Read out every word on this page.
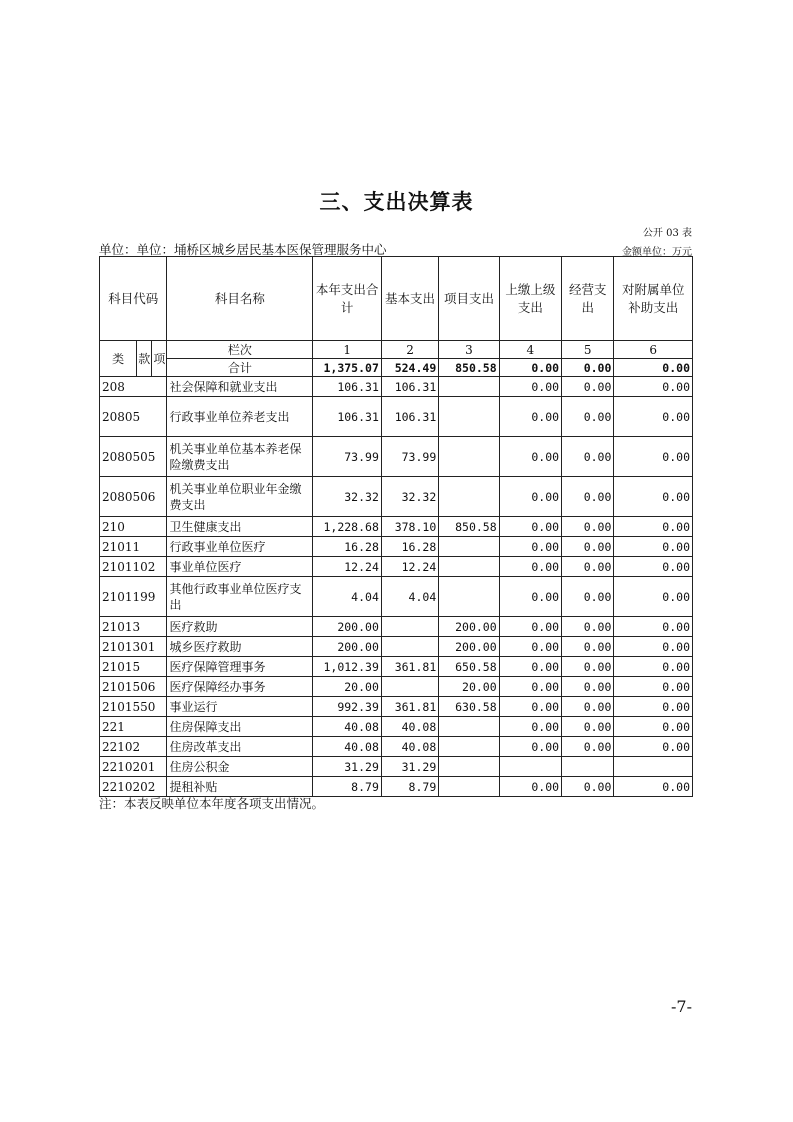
三、支出决算表
公开 03 表
单位：单位：埇桥区城乡居民基本医保管理服务中心	金额单位：万元
科目代码			科目名称	本年支出合计	基本支出	项目支出	上缴上级支出	经营支出	对附属单位补助支出
类	款	项	栏次	1	2	3	4	5	6
			合计	1,375.07	524.49	850.58	0.00	0.00	0.00
208			社会保障和就业支出	106.31	106.31		0.00	0.00	0.00
20805			行政事业单位养老支出	106.31	106.31		0.00	0.00	0.00
2080505			机关事业单位基本养老保险缴费支出	73.99	73.99		0.00	0.00	0.00
2080506			机关事业单位职业年金缴费支出	32.32	32.32		0.00	0.00	0.00
210			卫生健康支出	1,228.68	378.10	850.58	0.00	0.00	0.00
21011			行政事业单位医疗	16.28	16.28		0.00	0.00	0.00
2101102			事业单位医疗	12.24	12.24		0.00	0.00	0.00
2101199			其他行政事业单位医疗支出	4.04	4.04		0.00	0.00	0.00
21013			医疗救助	200.00		200.00	0.00	0.00	0.00
2101301			城乡医疗救助	200.00		200.00	0.00	0.00	0.00
21015			医疗保障管理事务	1,012.39	361.81	650.58	0.00	0.00	0.00
2101506			医疗保障经办事务	20.00		20.00	0.00	0.00	0.00
2101550			事业运行	992.39	361.81	630.58	0.00	0.00	0.00
221			住房保障支出	40.08	40.08		0.00	0.00	0.00
22102			住房改革支出	40.08	40.08		0.00	0.00	0.00
2210201			住房公积金	31.29	31.29				
2210202			提租补贴	8.79	8.79		0.00	0.00	0.00
注：本表反映单位本年度各项支出情况。
-7-
